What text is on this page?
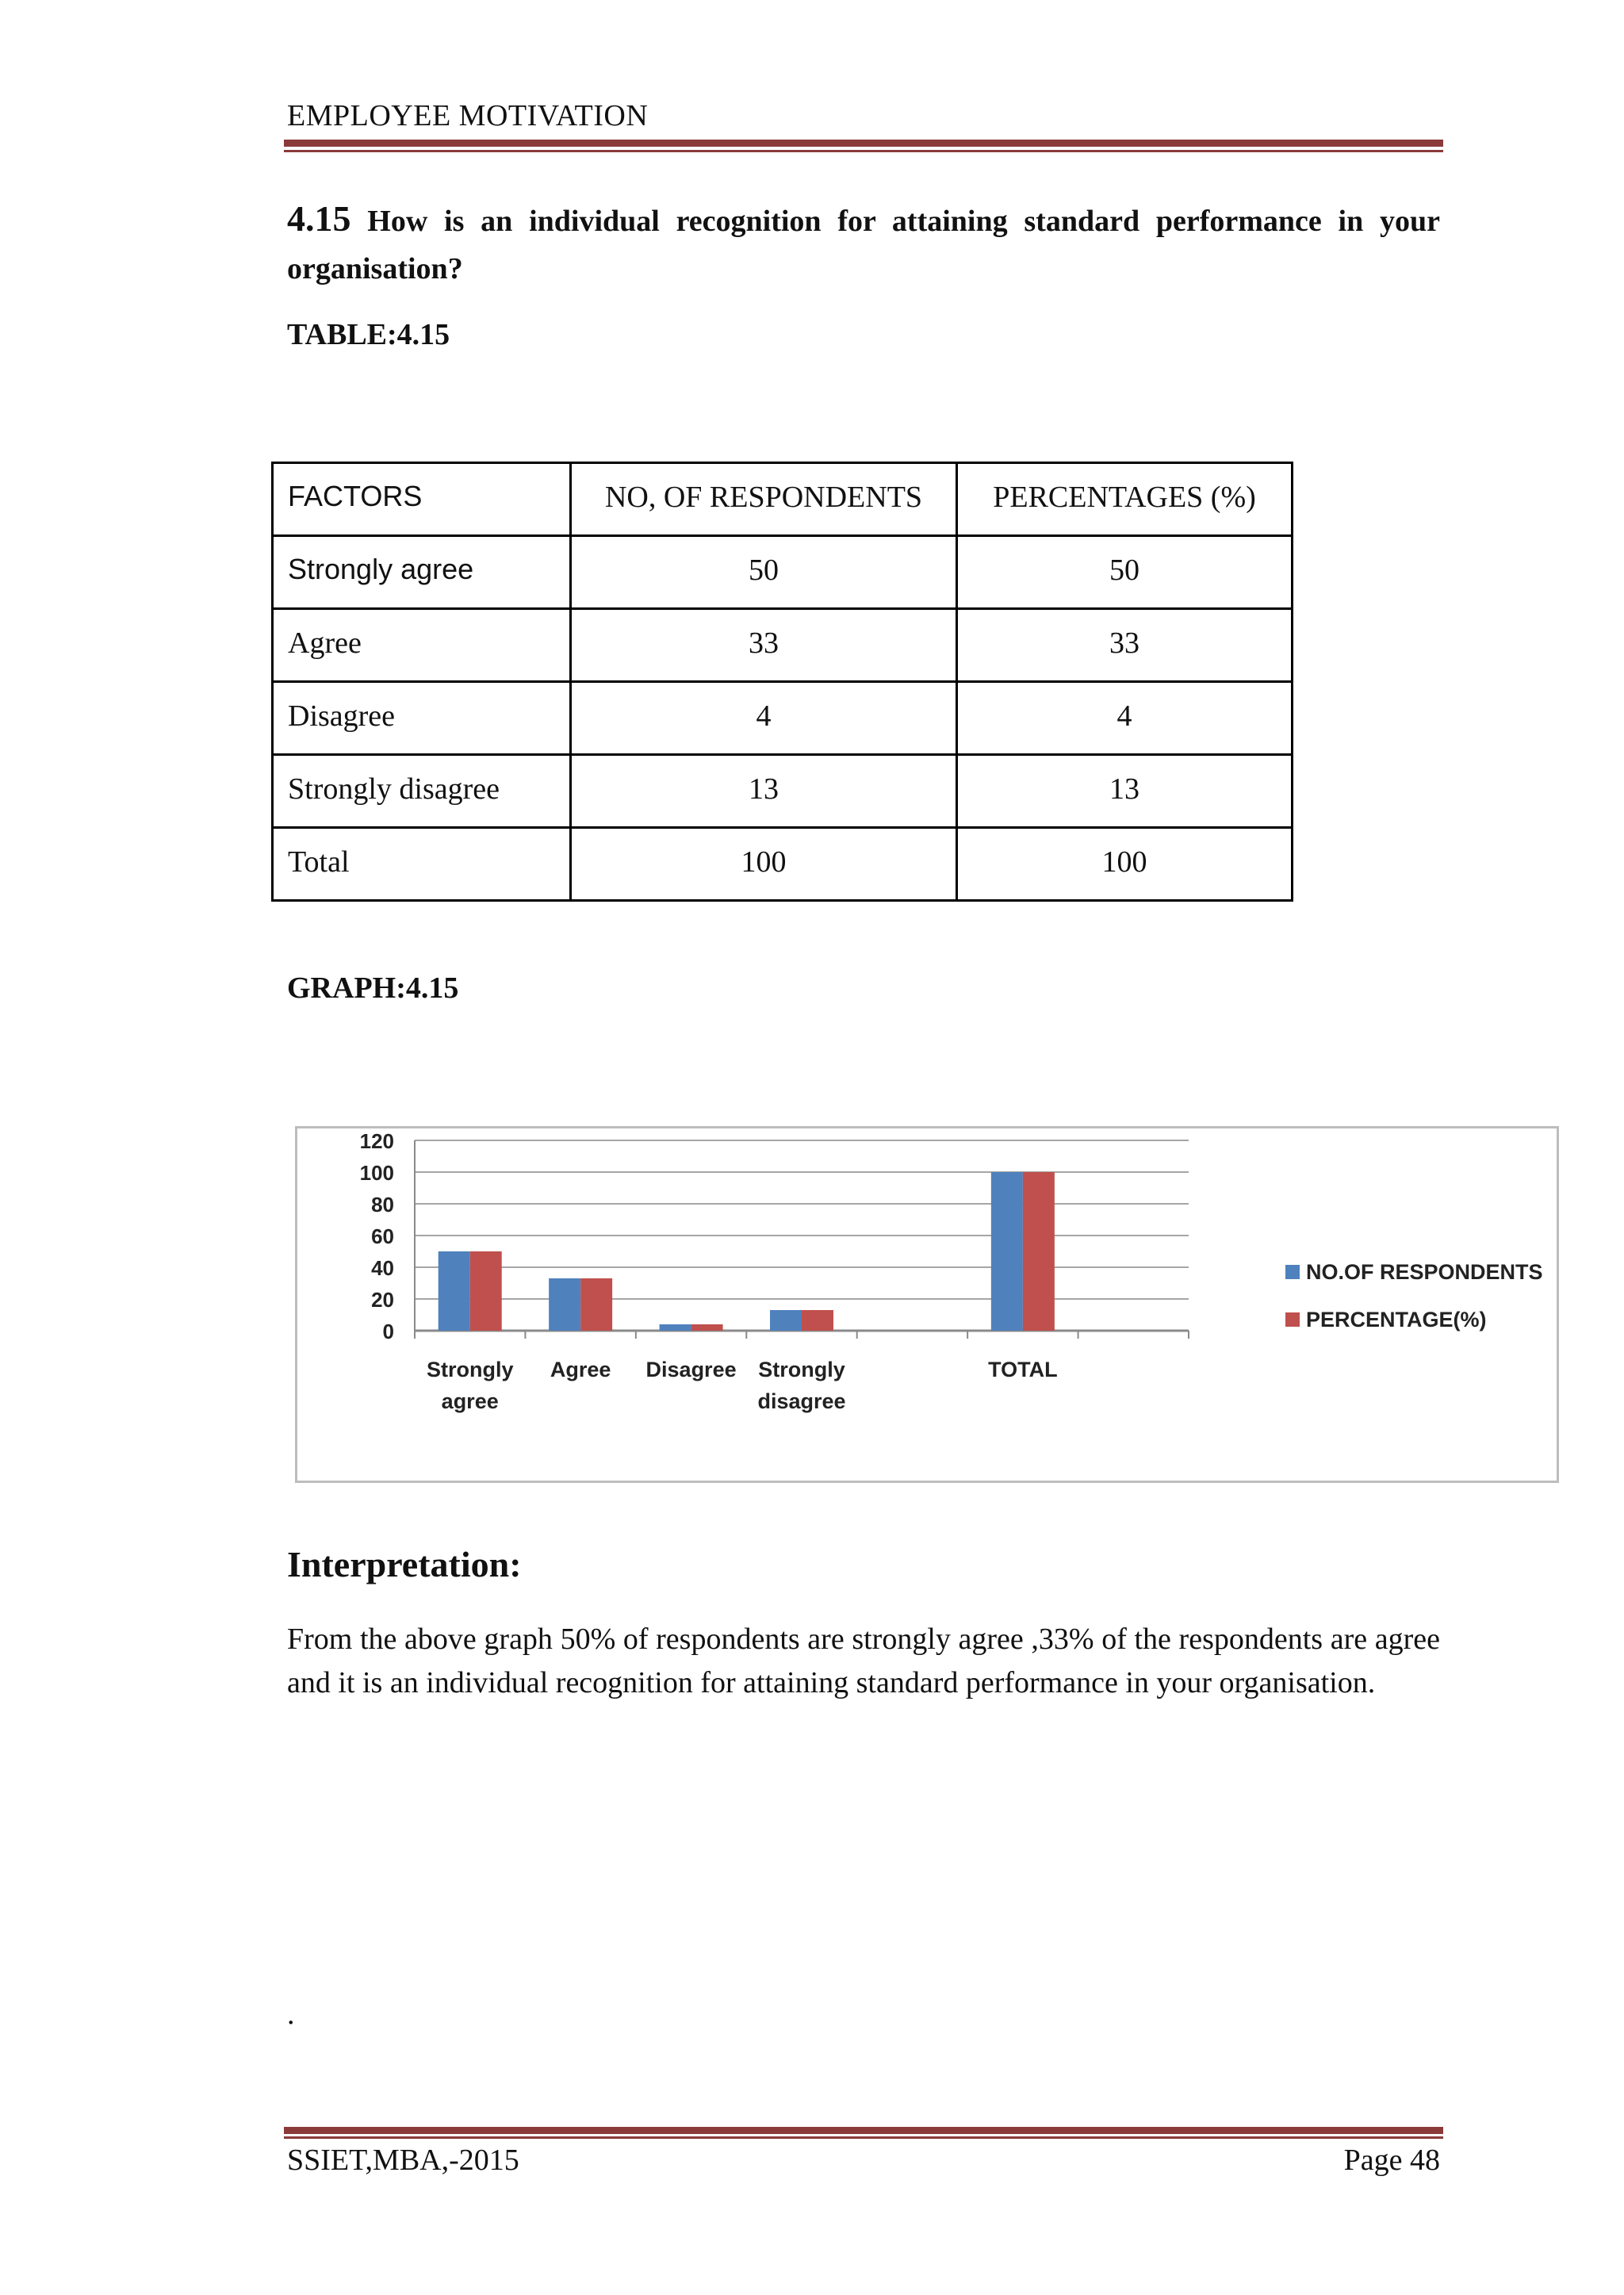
EMPLOYEE MOTIVATION
4.15 How is an individual recognition for attaining standard performance in your organisation?
TABLE:4.15
FACTORS	NO, OF RESPONDENTS	PERCENTAGES (%)

Strongly agree	50	50

Agree	33	33

Disagree	4	4

Strongly disagree	13	13

Total	100	100
GRAPH:4.15
0
20
40
60
80
100
120
Strongly
agree
Agree Disagree Strongly
disagree
TOTAL
NO.OF RESPONDENTS
PERCENTAGE(%)
Interpretation:
From the above graph 50% of respondents are strongly agree ,33% of the respondents are agree and it is an individual recognition for attaining standard performance in your organisation.
.
SSIET,MBA,-2015	Page 48
